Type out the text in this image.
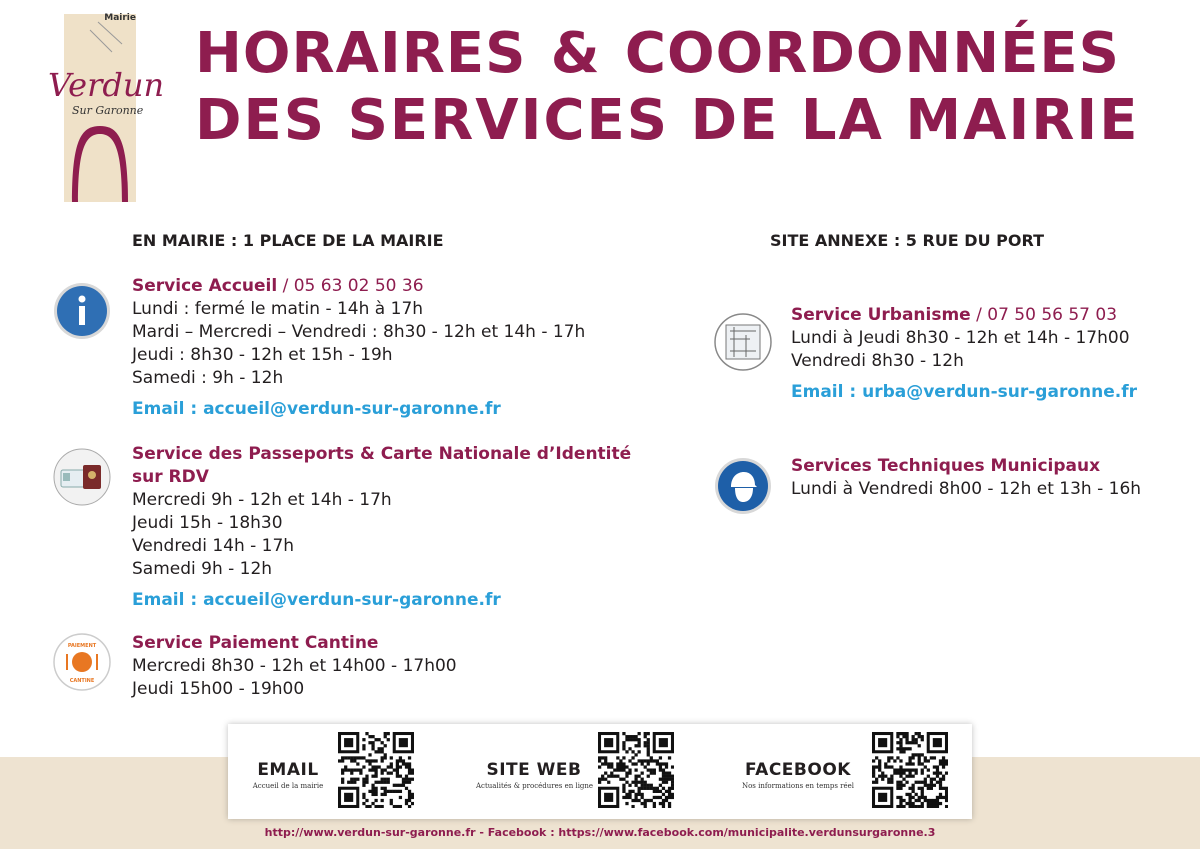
Mairie
Verdun
Sur Garonne
HORAIRES & COORDONNÉES
DES SERVICES DE LA MAIRIE
EN MAIRIE : 1 PLACE DE LA MAIRIE	SITE ANNEXE : 5 RUE DU PORT
Service Accueil / 05 63 02 50 36
Lundi : fermé le matin - 14h à 17h
Mardi – Mercredi – Vendredi : 8h30 - 12h et 14h - 17h
Jeudi : 8h30 - 12h et 15h - 19h
Samedi : 9h - 12h
Email : accueil@verdun-sur-garonne.fr
Service des Passeports & Carte Nationale d’Identité
sur RDV
Mercredi 9h - 12h et 14h - 17h
Jeudi 15h - 18h30
Vendredi 14h - 17h
Samedi 9h - 12h
Email : accueil@verdun-sur-garonne.fr
PAIEMENT
CANTINE
Service Paiement Cantine
Mercredi 8h30 - 12h et 14h00 - 17h00
Jeudi 15h00 - 19h00
Service Urbanisme / 07 50 56 57 03
Lundi à Jeudi 8h30 - 12h et 14h - 17h00
Vendredi 8h30 - 12h
Email : urba@verdun-sur-garonne.fr
Services Techniques Municipaux
Lundi à Vendredi 8h00 - 12h et 13h - 16h
EMAIL
Accueil de la mairie
SITE WEB
Actualités & procédures en ligne
FACEBOOK
Nos informations en temps réel
http://www.verdun-sur-garonne.fr - Facebook : https://www.facebook.com/municipalite.verdunsurgaronne.3
